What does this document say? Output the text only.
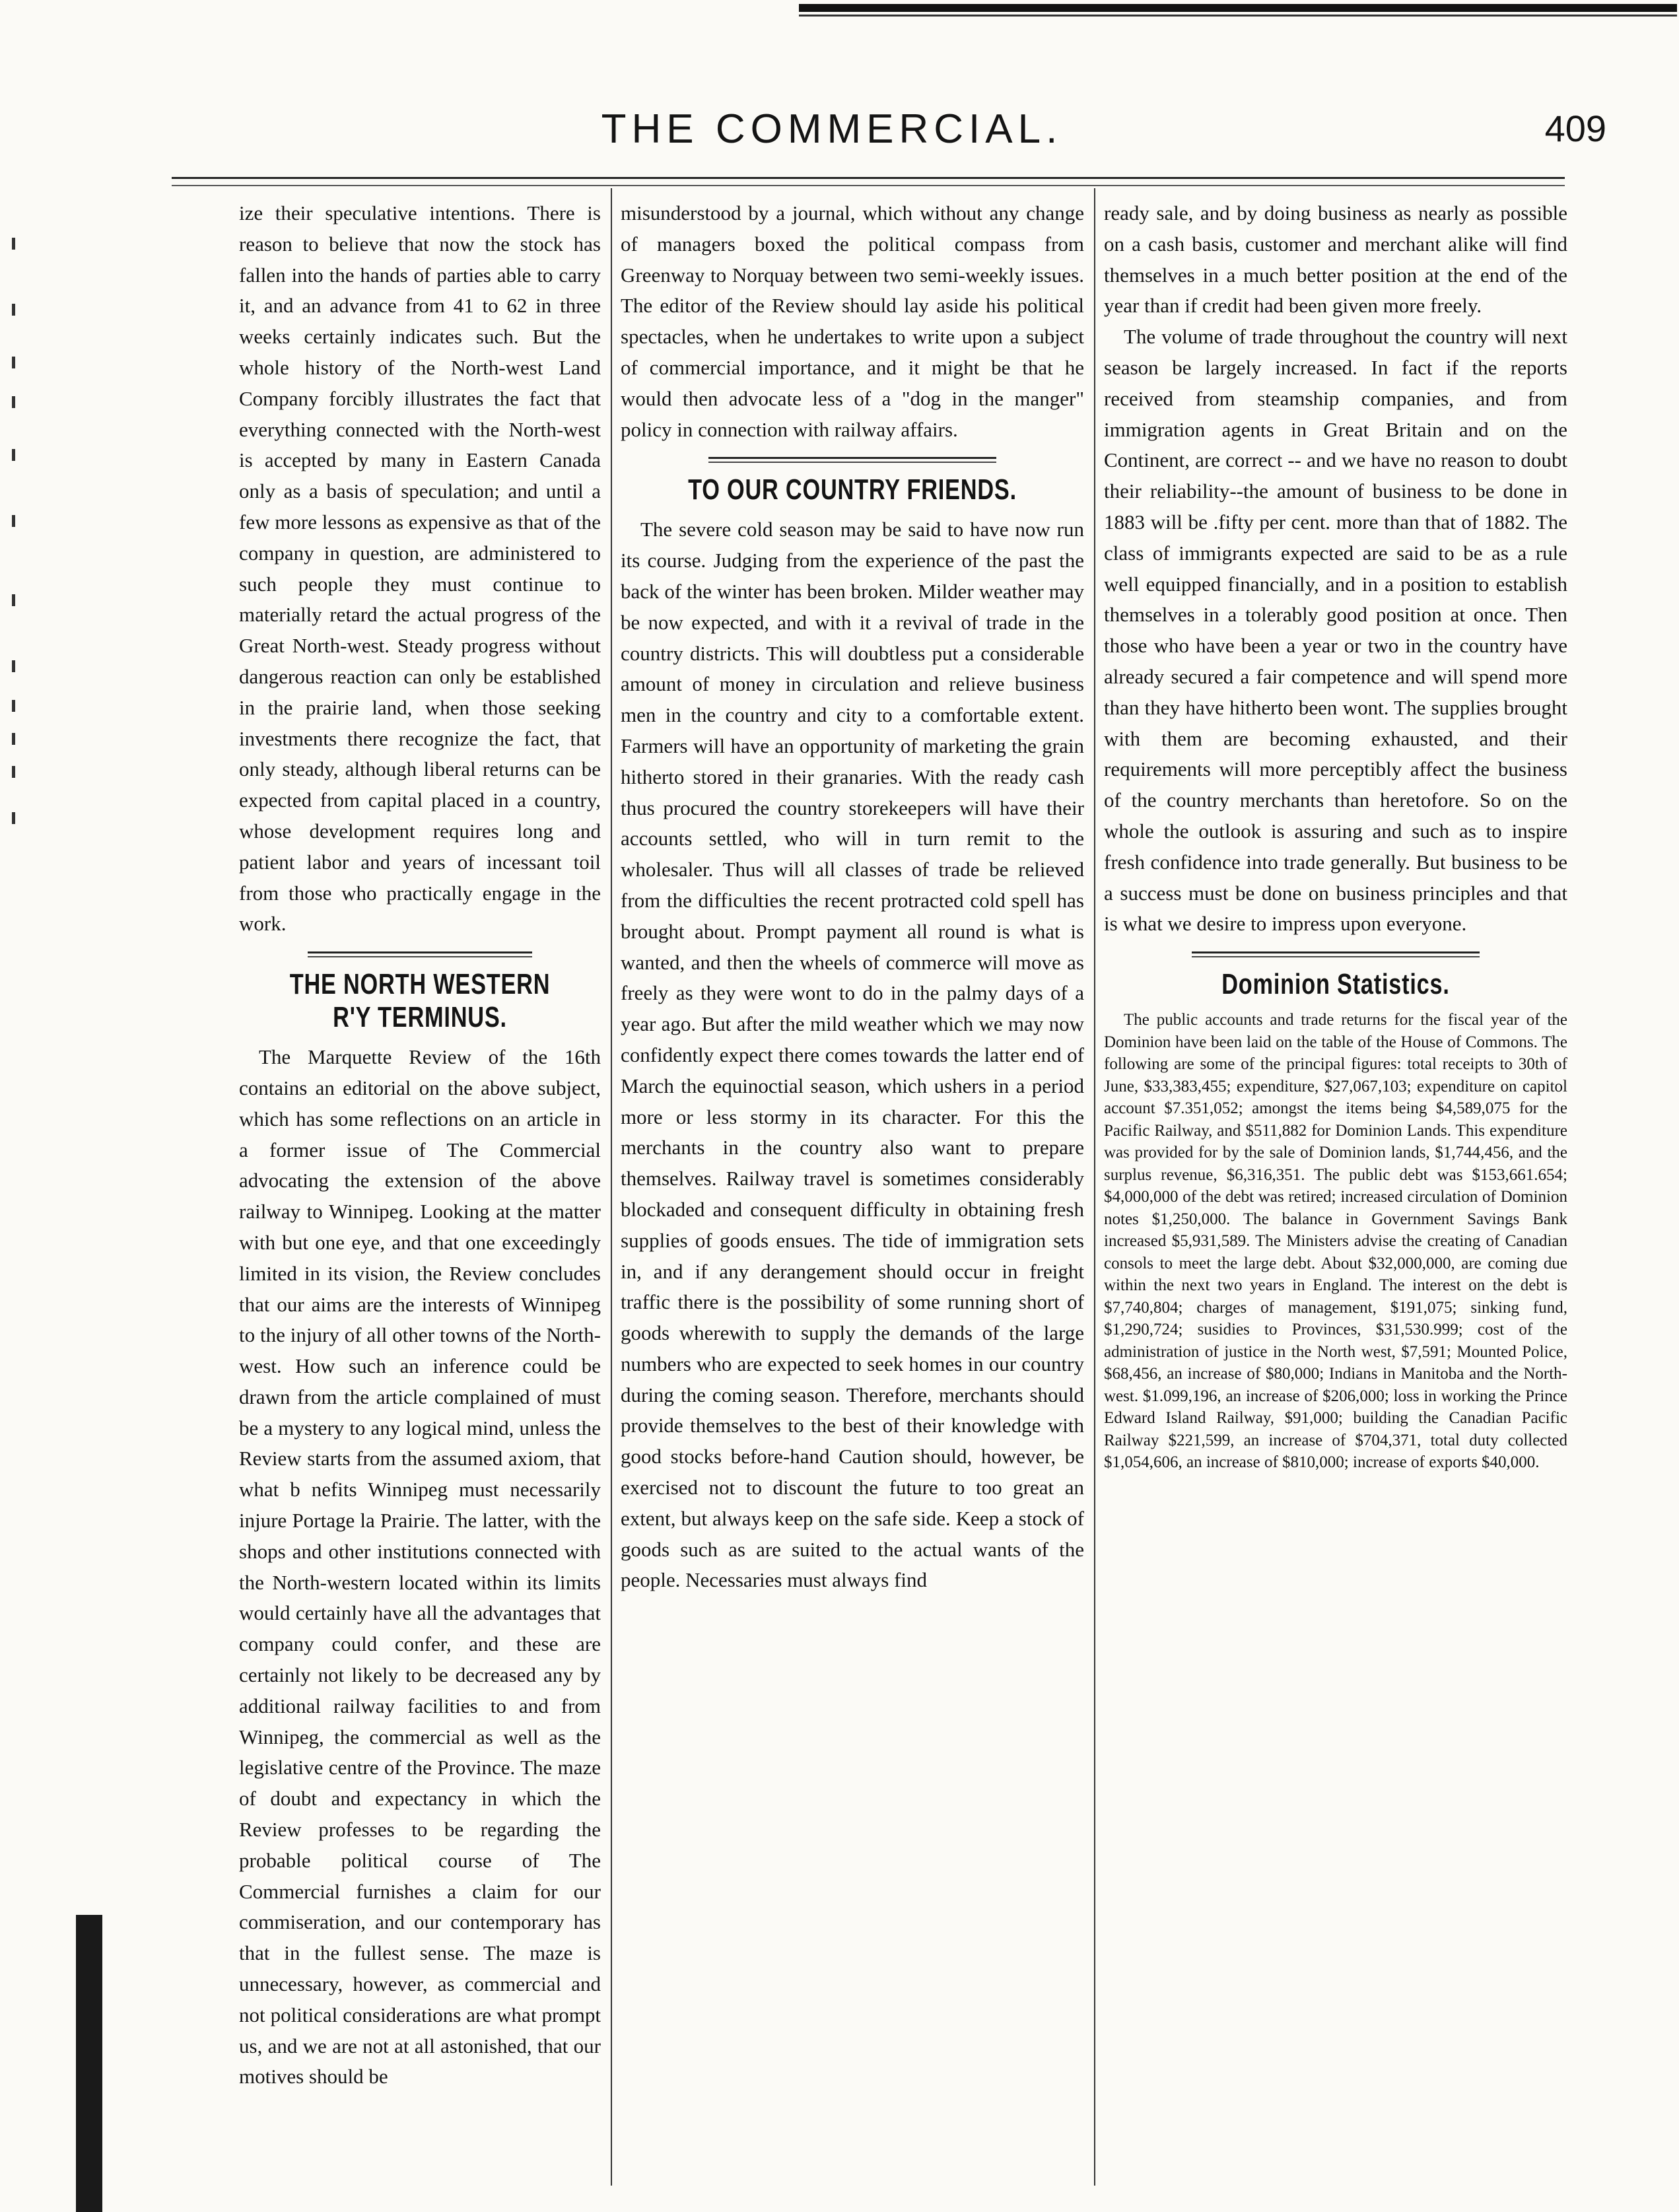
THE COMMERCIAL.	409

ize their speculative intentions. There is reason to believe that now the stock has fallen into the hands of parties able to carry it, and an advance from 41 to 62 in three weeks certainly indicates such. But the whole history of the North-west Land Company forcibly illustrates the fact that everything connected with the North-west is accepted by many in Eastern Canada only as a basis of speculation; and until a few more lessons as expensive as that of the company in question, are administered to such people they must continue to materially retard the actual progress of the Great North-west. Steady progress without dangerous reaction can only be established in the prairie land, when those seeking investments there recognize the fact, that only steady, although liberal returns can be expected from capital placed in a country, whose development requires long and patient labor and years of incessant toil from those who practically engage in the work.

THE NORTH WESTERN R'Y TERMINUS.

The Marquette Review of the 16th contains an editorial on the above subject, which has some reflections on an article in a former issue of The Commercial advocating the extension of the above railway to Winnipeg. Looking at the matter with but one eye, and that one exceedingly limited in its vision, the Review concludes that our aims are the interests of Winnipeg to the injury of all other towns of the North-west. How such an inference could be drawn from the article complained of must be a mystery to any logical mind, unless the Review starts from the assumed axiom, that what b nefits Winnipeg must necessarily injure Portage la Prairie. The latter, with the shops and other institutions connected with the North-western located within its limits would certainly have all the advantages that company could confer, and these are certainly not likely to be decreased any by additional railway facilities to and from Winnipeg, the commercial as well as the legislative centre of the Province. The maze of doubt and expectancy in which the Review professes to be regarding the probable political course of The Commercial furnishes a claim for our commiseration, and our contemporary has that in the fullest sense. The maze is unnecessary, however, as commercial and not political considerations are what prompt us, and we are not at all astonished, that our motives should be

misunderstood by a journal, which without any change of managers boxed the political compass from Greenway to Norquay between two semi-weekly issues. The editor of the Review should lay aside his political spectacles, when he undertakes to write upon a subject of commercial importance, and it might be that he would then advocate less of a "dog in the manger" policy in connection with railway affairs.

TO OUR COUNTRY FRIENDS.

The severe cold season may be said to have now run its course. Judging from the experience of the past the back of the winter has been broken. Milder weather may be now expected, and with it a revival of trade in the country districts. This will doubtless put a considerable amount of money in circulation and relieve business men in the country and city to a comfortable extent. Farmers will have an opportunity of marketing the grain hitherto stored in their granaries. With the ready cash thus procured the country storekeepers will have their accounts settled, who will in turn remit to the wholesaler. Thus will all classes of trade be relieved from the difficulties the recent protracted cold spell has brought about. Prompt payment all round is what is wanted, and then the wheels of commerce will move as freely as they were wont to do in the palmy days of a year ago. But after the mild weather which we may now confidently expect there comes towards the latter end of March the equinoctial season, which ushers in a period more or less stormy in its character. For this the merchants in the country also want to prepare themselves. Railway travel is sometimes considerably blockaded and consequent difficulty in obtaining fresh supplies of goods ensues. The tide of immigration sets in, and if any derangement should occur in freight traffic there is the possibility of some running short of goods wherewith to supply the demands of the large numbers who are expected to seek homes in our country during the coming season. Therefore, merchants should provide themselves to the best of their knowledge with good stocks before-hand Caution should, however, be exercised not to discount the future to too great an extent, but always keep on the safe side. Keep a stock of goods such as are suited to the actual wants of the people. Necessaries must always find

ready sale, and by doing business as nearly as possible on a cash basis, customer and merchant alike will find themselves in a much better position at the end of the year than if credit had been given more freely.

The volume of trade throughout the country will next season be largely increased. In fact if the reports received from steamship companies, and from immigration agents in Great Britain and on the Continent, are correct -- and we have no reason to doubt their reliability--the amount of business to be done in 1883 will be .fifty per cent. more than that of 1882. The class of immigrants expected are said to be as a rule well equipped financially, and in a position to establish themselves in a tolerably good position at once. Then those who have been a year or two in the country have already secured a fair competence and will spend more than they have hitherto been wont. The supplies brought with them are becoming exhausted, and their requirements will more perceptibly affect the business of the country merchants than heretofore. So on the whole the outlook is assuring and such as to inspire fresh confidence into trade generally. But business to be a success must be done on business principles and that is what we desire to impress upon everyone.

Dominion Statistics.

The public accounts and trade returns for the fiscal year of the Dominion have been laid on the table of the House of Commons. The following are some of the principal figures: total receipts to 30th of June, $33,383,455; expenditure, $27,067,103; expenditure on capitol account $7.351,052; amongst the items being $4,589,075 for the Pacific Railway, and $511,882 for Dominion Lands. This expenditure was provided for by the sale of Dominion lands, $1,744,456, and the surplus revenue, $6,316,351. The public debt was $153,661.654; $4,000,000 of the debt was retired; increased circulation of Dominion notes $1,250,000. The balance in Government Savings Bank increased $5,931,589. The Ministers advise the creating of Canadian consols to meet the large debt. About $32,000,000, are coming due within the next two years in England. The interest on the debt is $7,740,804; charges of management, $191,075; sinking fund, $1,290,724; susidies to Provinces, $31,530.999; cost of the administration of justice in the North west, $7,591; Mounted Police, $68,456, an increase of $80,000; Indians in Manitoba and the North-west. $1.099,196, an increase of $206,000; loss in working the Prince Edward Island Railway, $91,000; building the Canadian Pacific Railway $221,599, an increase of $704,371, total duty collected $1,054,606, an increase of $810,000; increase of exports $40,000.
